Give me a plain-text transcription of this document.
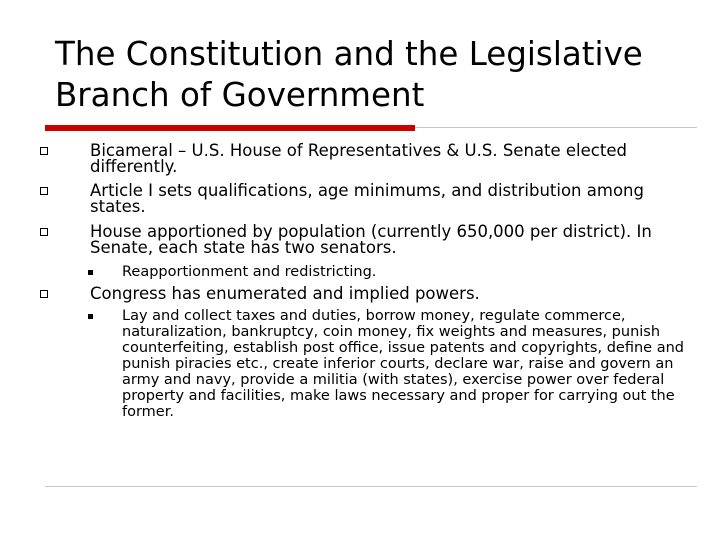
The Constitution and the Legislative Branch of Government
Bicameral – U.S. House of Representatives & U.S. Senate elected differently.
Article I sets qualifications, age minimums, and distribution among states.
House apportioned by population (currently 650,000 per district). In Senate, each state has two senators.
Reapportionment and redistricting.
Congress has enumerated and implied powers.
Lay and collect taxes and duties, borrow money, regulate commerce, naturalization, bankruptcy, coin money, fix weights and measures, punish counterfeiting, establish post office, issue patents and copyrights, define and punish piracies etc., create inferior courts, declare war, raise and govern an army and navy, provide a militia (with states), exercise power over federal property and facilities, make laws necessary and proper for carrying out the former.
